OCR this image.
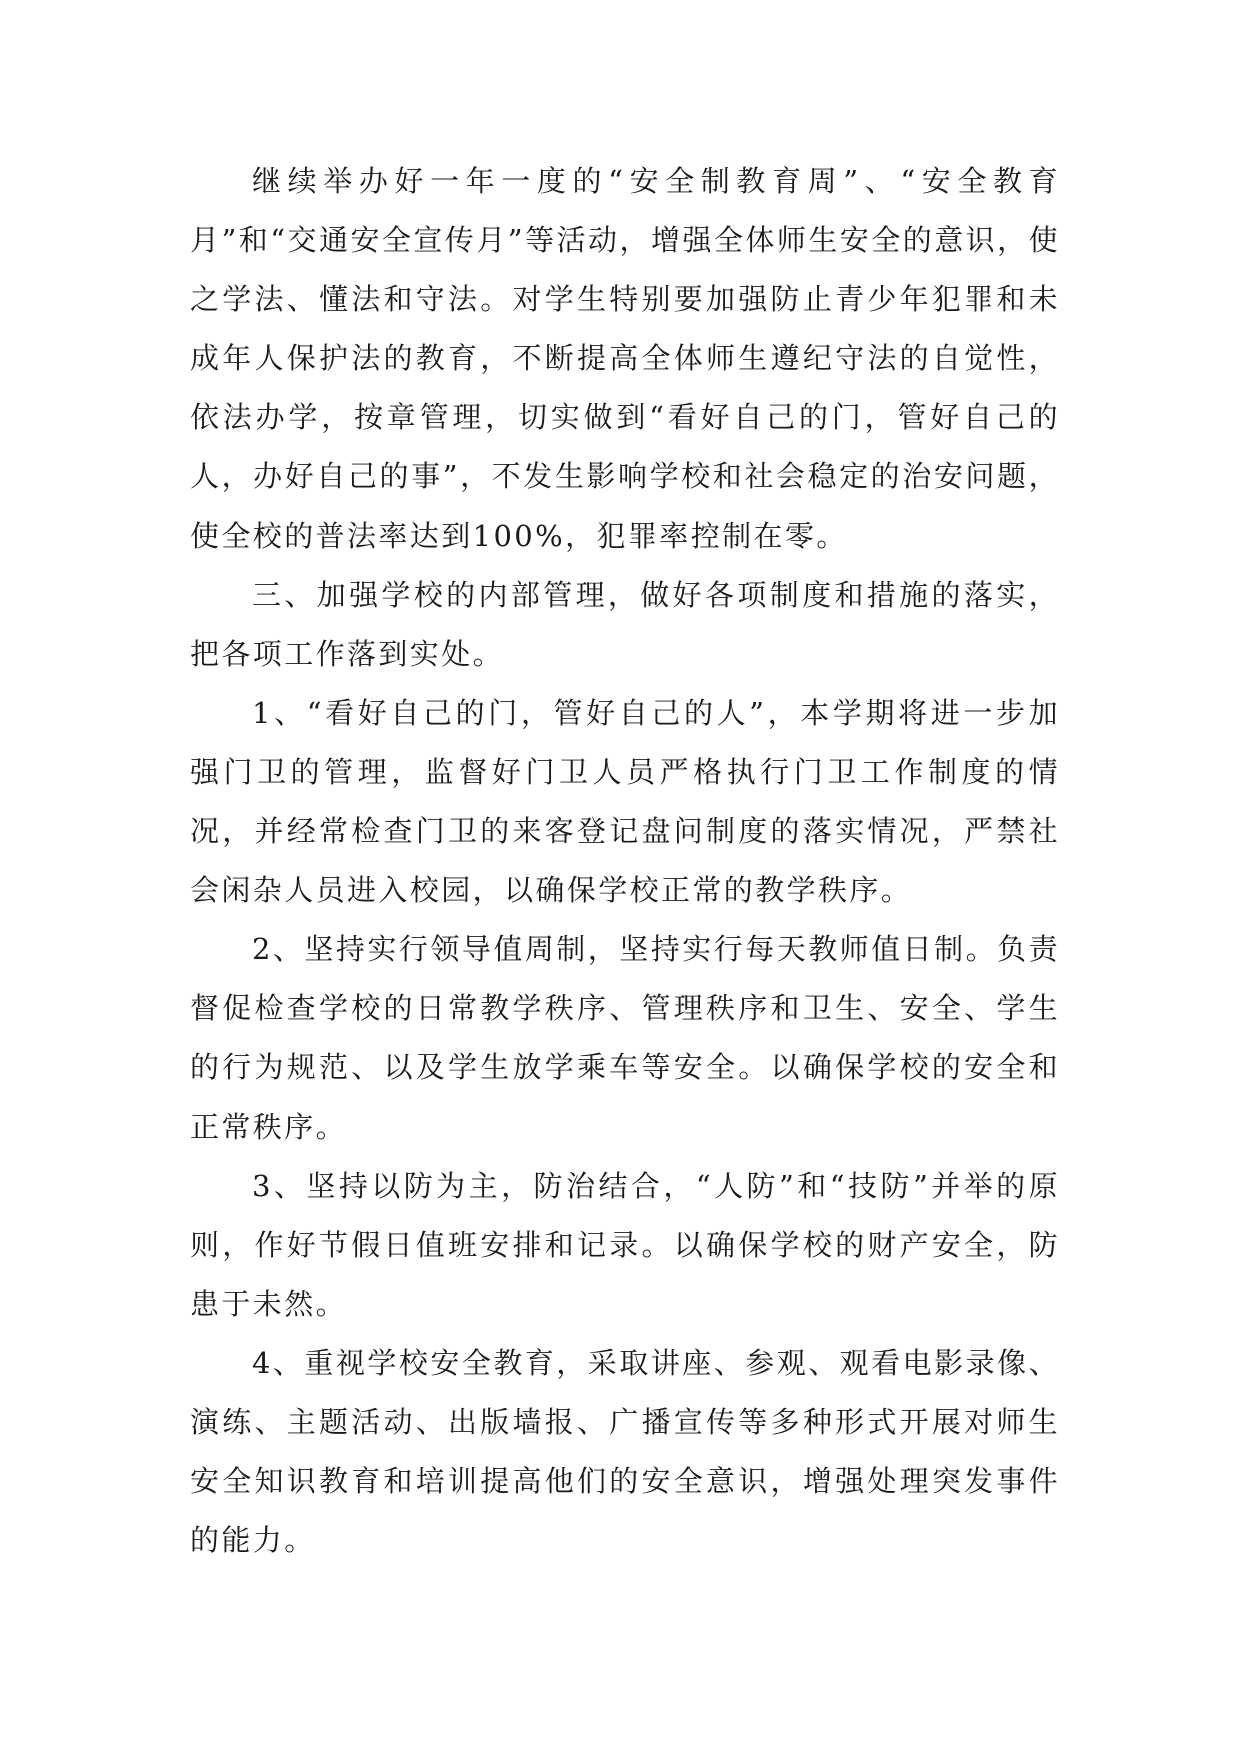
继续举办好一年一度的“安全制教育周”、“安全教育月”和“交通安全宣传月”等活动，增强全体师生安全的意识，使之学法、懂法和守法。对学生特别要加强防止青少年犯罪和未成年人保护法的教育，不断提高全体师生遵纪守法的自觉性，依法办学，按章管理，切实做到“看好自己的门，管好自己的人，办好自己的事”，不发生影响学校和社会稳定的治安问题，使全校的普法率达到100%，犯罪率控制在零。

三、加强学校的内部管理，做好各项制度和措施的落实，把各项工作落到实处。

1、“看好自己的门，管好自己的人”，本学期将进一步加强门卫的管理，监督好门卫人员严格执行门卫工作制度的情况，并经常检查门卫的来客登记盘问制度的落实情况，严禁社会闲杂人员进入校园，以确保学校正常的教学秩序。

2、坚持实行领导值周制，坚持实行每天教师值日制。负责督促检查学校的日常教学秩序、管理秩序和卫生、安全、学生的行为规范、以及学生放学乘车等安全。以确保学校的安全和正常秩序。

3、坚持以防为主，防治结合，“人防”和“技防”并举的原则，作好节假日值班安排和记录。以确保学校的财产安全，防患于未然。

4、重视学校安全教育，采取讲座、参观、观看电影录像、演练、主题活动、出版墙报、广播宣传等多种形式开展对师生安全知识教育和培训提高他们的安全意识，增强处理突发事件的能力。
